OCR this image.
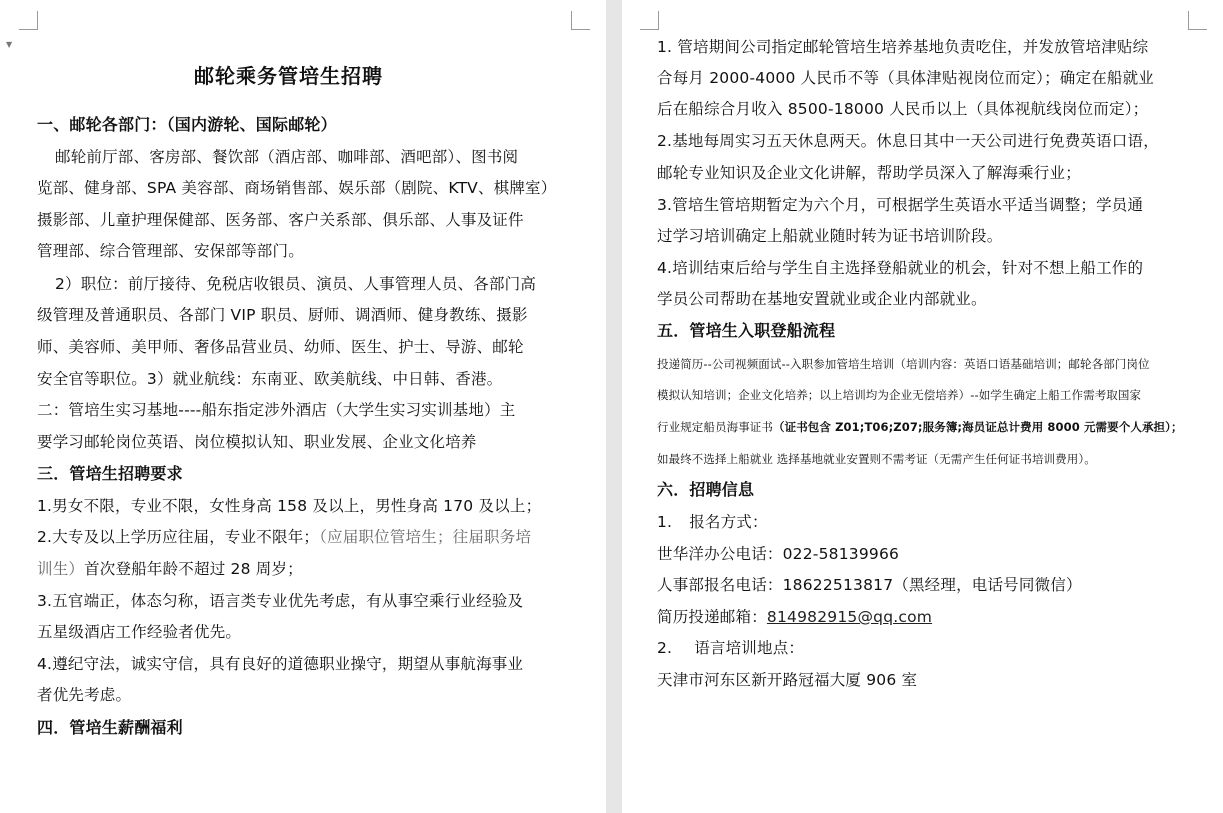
▼
邮轮乘务管培生招聘
一、邮轮各部门：（国内游轮、国际邮轮）
邮轮前厅部、客房部、餐饮部（酒店部、咖啡部、酒吧部）、图书阅
览部、健身部、SPA 美容部、商场销售部、娱乐部（剧院、KTV、棋牌室）
摄影部、儿童护理保健部、医务部、客户关系部、俱乐部、人事及证件
管理部、综合管理部、安保部等部门。
2）职位：前厅接待、免税店收银员、演员、人事管理人员、各部门高
级管理及普通职员、各部门 VIP 职员、厨师、调酒师、健身教练、摄影
师、美容师、美甲师、奢侈品营业员、幼师、医生、护士、导游、邮轮
安全官等职位。3）就业航线：东南亚、欧美航线、中日韩、香港。
二：管培生实习基地----船东指定涉外酒店（大学生实习实训基地）主
要学习邮轮岗位英语、岗位模拟认知、职业发展、企业文化培养
三．管培生招聘要求
1.男女不限，专业不限，女性身高 158 及以上，男性身高 170 及以上；
2.大专及以上学历应往届，专业不限年；（应届职位管培生；往届职务培
训生）首次登船年龄不超过 28 周岁；
3.五官端正，体态匀称，语言类专业优先考虑，有从事空乘行业经验及
五星级酒店工作经验者优先。
4.遵纪守法，诚实守信，具有良好的道德职业操守，期望从事航海事业
者优先考虑。
四．管培生薪酬福利
1. 管培期间公司指定邮轮管培生培养基地负责吃住，并发放管培津贴综
合每月 2000-4000 人民币不等（具体津贴视岗位而定）；确定在船就业
后在船综合月收入 8500-18000 人民币以上（具体视航线岗位而定）；
2.基地每周实习五天休息两天。休息日其中一天公司进行免费英语口语，
邮轮专业知识及企业文化讲解，帮助学员深入了解海乘行业；
3.管培生管培期暂定为六个月，可根据学生英语水平适当调整；学员通
过学习培训确定上船就业随时转为证书培训阶段。
4.培训结束后给与学生自主选择登船就业的机会，针对不想上船工作的
学员公司帮助在基地安置就业或企业内部就业。
五．管培生入职登船流程
投递简历--公司视频面试--入职参加管培生培训（培训内容：英语口语基础培训；邮轮各部门岗位
模拟认知培训；企业文化培养；以上培训均为企业无偿培养）--如学生确定上船工作需考取国家
行业规定船员海事证书（证书包含 Z01;T06;Z07;服务簿;海员证总计费用 8000 元需要个人承担）；
如最终不选择上船就业 选择基地就业安置则不需考证（无需产生任何证书培训费用）。
六．招聘信息
1. 报名方式：
世华洋办公电话：022-58139966
人事部报名电话：18622513817（黑经理，电话号同微信）
简历投递邮箱：814982915@qq.com
2. 语言培训地点：
天津市河东区新开路冠福大厦 906 室
